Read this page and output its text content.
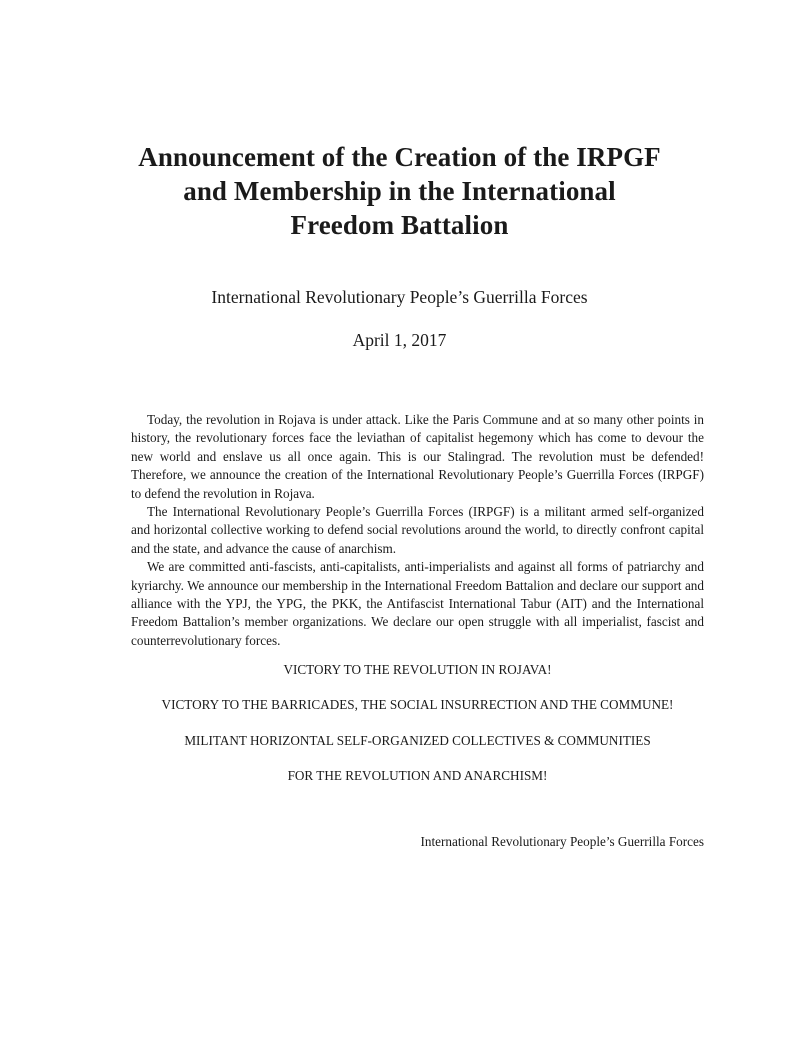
Announcement of the Creation of the IRPGF
and Membership in the International
Freedom Battalion
International Revolutionary People’s Guerrilla Forces
April 1, 2017

Today, the revolution in Rojava is under attack. Like the Paris Commune and at so many other points in history, the revolutionary forces face the leviathan of capitalist hegemony which has come to devour the new world and enslave us all once again. This is our Stalingrad. The revolution must be defended! Therefore, we announce the creation of the International Revolutionary People’s Guerrilla Forces (IRPGF) to defend the revolution in Rojava.

The International Revolutionary People’s Guerrilla Forces (IRPGF) is a militant armed self-organized and horizontal collective working to defend social revolutions around the world, to directly confront capital and the state, and advance the cause of anarchism.

We are committed anti-fascists, anti-capitalists, anti-imperialists and against all forms of patriarchy and kyriarchy. We announce our membership in the International Freedom Battalion and declare our support and alliance with the YPJ, the YPG, the PKK, the Antifascist International Tabur (AIT) and the International Freedom Battalion’s member organizations. We declare our open struggle with all imperialist, fascist and counterrevolutionary forces.

VICTORY TO THE REVOLUTION IN ROJAVA!
VICTORY TO THE BARRICADES, THE SOCIAL INSURRECTION AND THE COMMUNE!
MILITANT HORIZONTAL SELF-ORGANIZED COLLECTIVES & COMMUNITIES
FOR THE REVOLUTION AND ANARCHISM!
International Revolutionary People’s Guerrilla Forces
